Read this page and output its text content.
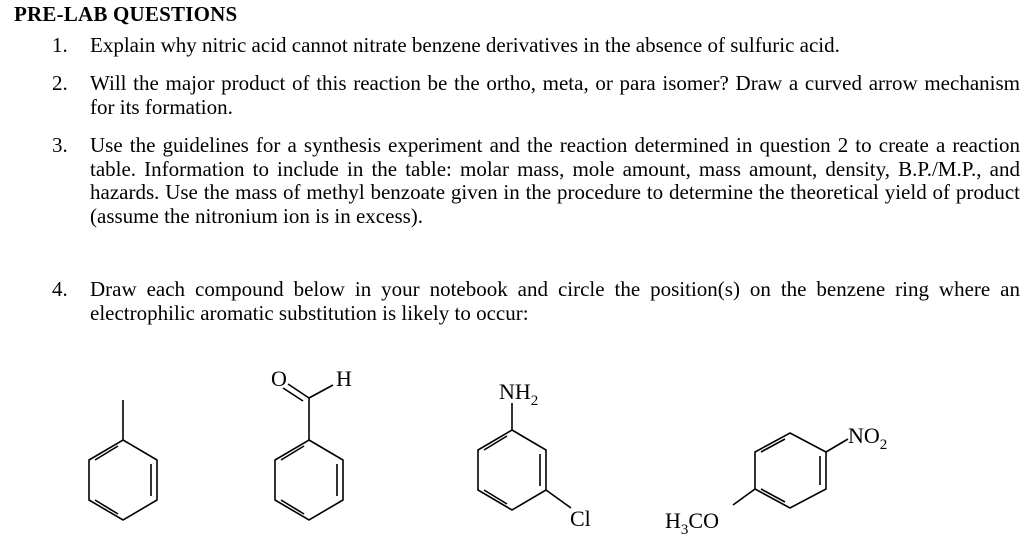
PRE-LAB QUESTIONS
1.	Explain why nitric acid cannot nitrate benzene derivatives in the absence of sulfuric acid.
2.	Will the major product of this reaction be the ortho, meta, or para isomer? Draw a curved arrow mechanism for its formation.
3.	Use the guidelines for a synthesis experiment and the reaction determined in question 2 to create a reaction table. Information to include in the table: molar mass, mole amount, mass amount, density, B.P./M.P., and hazards. Use the mass of methyl benzoate given in the procedure to determine the theoretical yield of product (assume the nitronium ion is in excess).
4.	Draw each compound below in your notebook and circle the position(s) on the benzene ring where an electrophilic aromatic substitution is likely to occur:
O H
$NH_2$
Cl
$NO_2$
$H_3CO$
